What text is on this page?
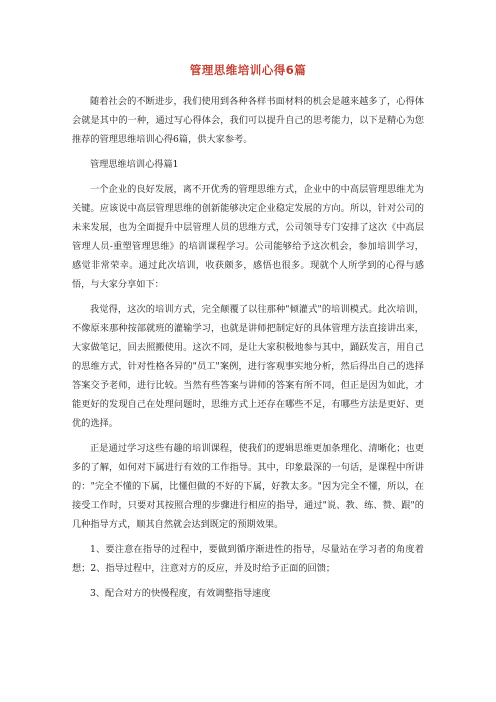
管理思维培训心得6篇

随着社会的不断进步，我们使用到各种各样书面材料的机会是越来越多了，心得体会就是其中的一种，通过写心得体会，我们可以提升自己的思考能力，以下是精心为您推荐的管理思维培训心得6篇，供大家参考。

管理思维培训心得篇1

一个企业的良好发展，离不开优秀的管理思维方式，企业中的中高层管理思维尤为关键。应该说中高层管理思维的创新能够决定企业稳定发展的方向。所以，针对公司的未来发展，也为全面提升中层管理人员的思维方式，公司领导专门安排了这次《中高层管理人员-重塑管理思维》的培训课程学习。公司能够给予这次机会，参加培训学习，感觉非常荣幸。通过此次培训，收获颇多，感悟也很多。现就个人所学到的心得与感悟，与大家分享如下：

我觉得，这次的培训方式，完全颠覆了以往那种"倾灌式"的培训模式。此次培训，不像原来那种按部就班的灌输学习，也就是讲师把制定好的具体管理方法直接讲出来，大家做笔记，回去照搬使用。这次不同，是让大家积极地参与其中，踊跃发言，用自己的思维方式，针对性格各异的"员工"案例，进行客观事实地分析，然后得出自己的选择答案交予老师，进行比较。当然有些答案与讲师的答案有所不同，但正是因为如此，才能更好的发现自己在处理问题时，思维方式上还存在哪些不足，有哪些方法是更好、更优的选择。

正是通过学习这些有趣的培训课程，使我们的逻辑思维更加条理化、清晰化；也更多的了解，如何对下属进行有效的工作指导。其中，印象最深的一句话，是课程中所讲的："完全不懂的下属，比懂但做的不好的下属，好教太多。"因为完全不懂，所以，在接受工作时，只要对其按照合理的步骤进行相应的指导，通过"说、教、练、赞、跟"的几种指导方式，顺其自然就会达到既定的预期效果。

1、要注意在指导的过程中，要做到循序渐进性的指导，尽量站在学习者的角度着想；2、指导过程中，注意对方的反应，并及时给予正面的回馈；

3、配合对方的快慢程度，有效调整指导速度
